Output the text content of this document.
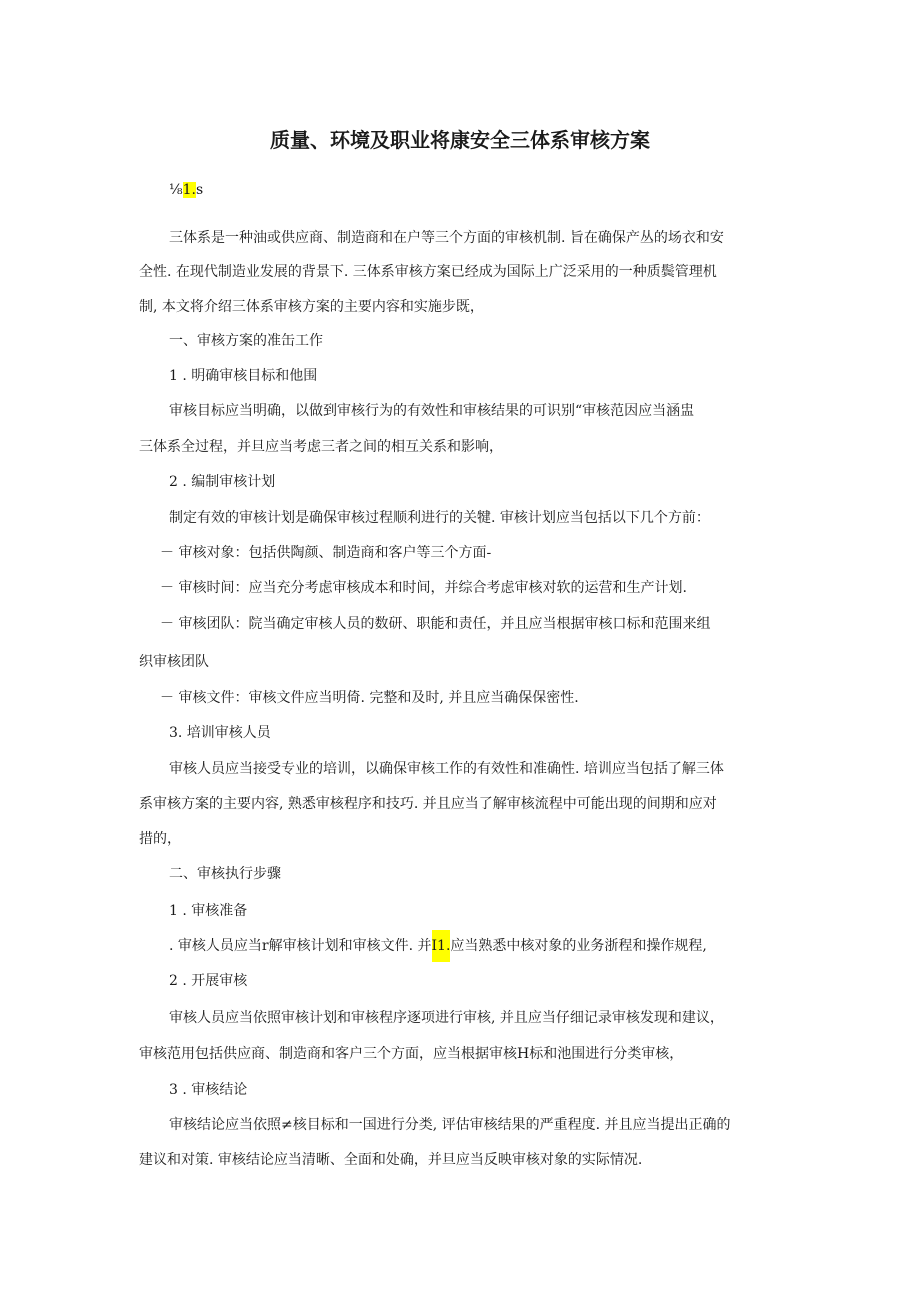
质量、环境及职业将康安全三体系审核方案
⅛1.s
三体系是一种油或供应商、制造商和在户等三个方面的审核机制. 旨在确保产丛的场衣和安
全性. 在现代制造业发展的背景下. 三体系审核方案已经成为国际上广泛采用的一种质鬓管理机
制, 本文将介绍三体系审核方案的主要内容和实施步既，
一、审核方案的准缶工作
1 . 明确审核目标和他围
审核目标应当明确，以做到审核行为的有效性和审核结果的可识别“审核范因应当涵盅
三体系全过程，并旦应当考虑三者之间的相互关系和影响，
2 . 编制审核计划
制定有效的审核计划是确保审核过程顺利进行的关犍. 审核计划应当包括以下几个方前：
－ 审核对象：包括供陶颜、制造商和客户等三个方面-
－ 审核时间：应当充分考虑审核成本和时间，并综合考虑审核对软的运营和生产计划.
－ 审核团队：院当确定审核人员的数研、职能和责任，并且应当根据审核口标和范围来组
织审核团队
－ 审核文件：审核文件应当明倚. 完整和及时, 并且应当确保保密性.
3. 培训审核人员
审核人员应当接受专业的培训，以确保审核工作的有效性和准确性. 培训应当包括了解三体
系审核方案的主要内容, 熟悉审核程序和技巧. 并且应当了解审核流程中可能出现的间期和应对
措的，
二、审核执行步骤
1 . 审核准备
. 审核人员应当r解审核计划和审核文件. 并I1.应当熟悉中核对象的业务浙程和操作规程,
2 . 开展审核
审核人员应当依照审核计划和审核程序逐项进行审核, 并且应当仔细记录审核发现和建议，
审核范用包括供应商、制造商和客户三个方面，应当根据审核H标和池围进行分类审核，
3 . 审核结论
审核结论应当依照≠核目标和一国进行分类, 评估审核结果的严重程度. 并且应当提出正确的
建议和对策. 审核结论应当清晰、全面和处确，并旦应当反映审核对象的实际情况.
